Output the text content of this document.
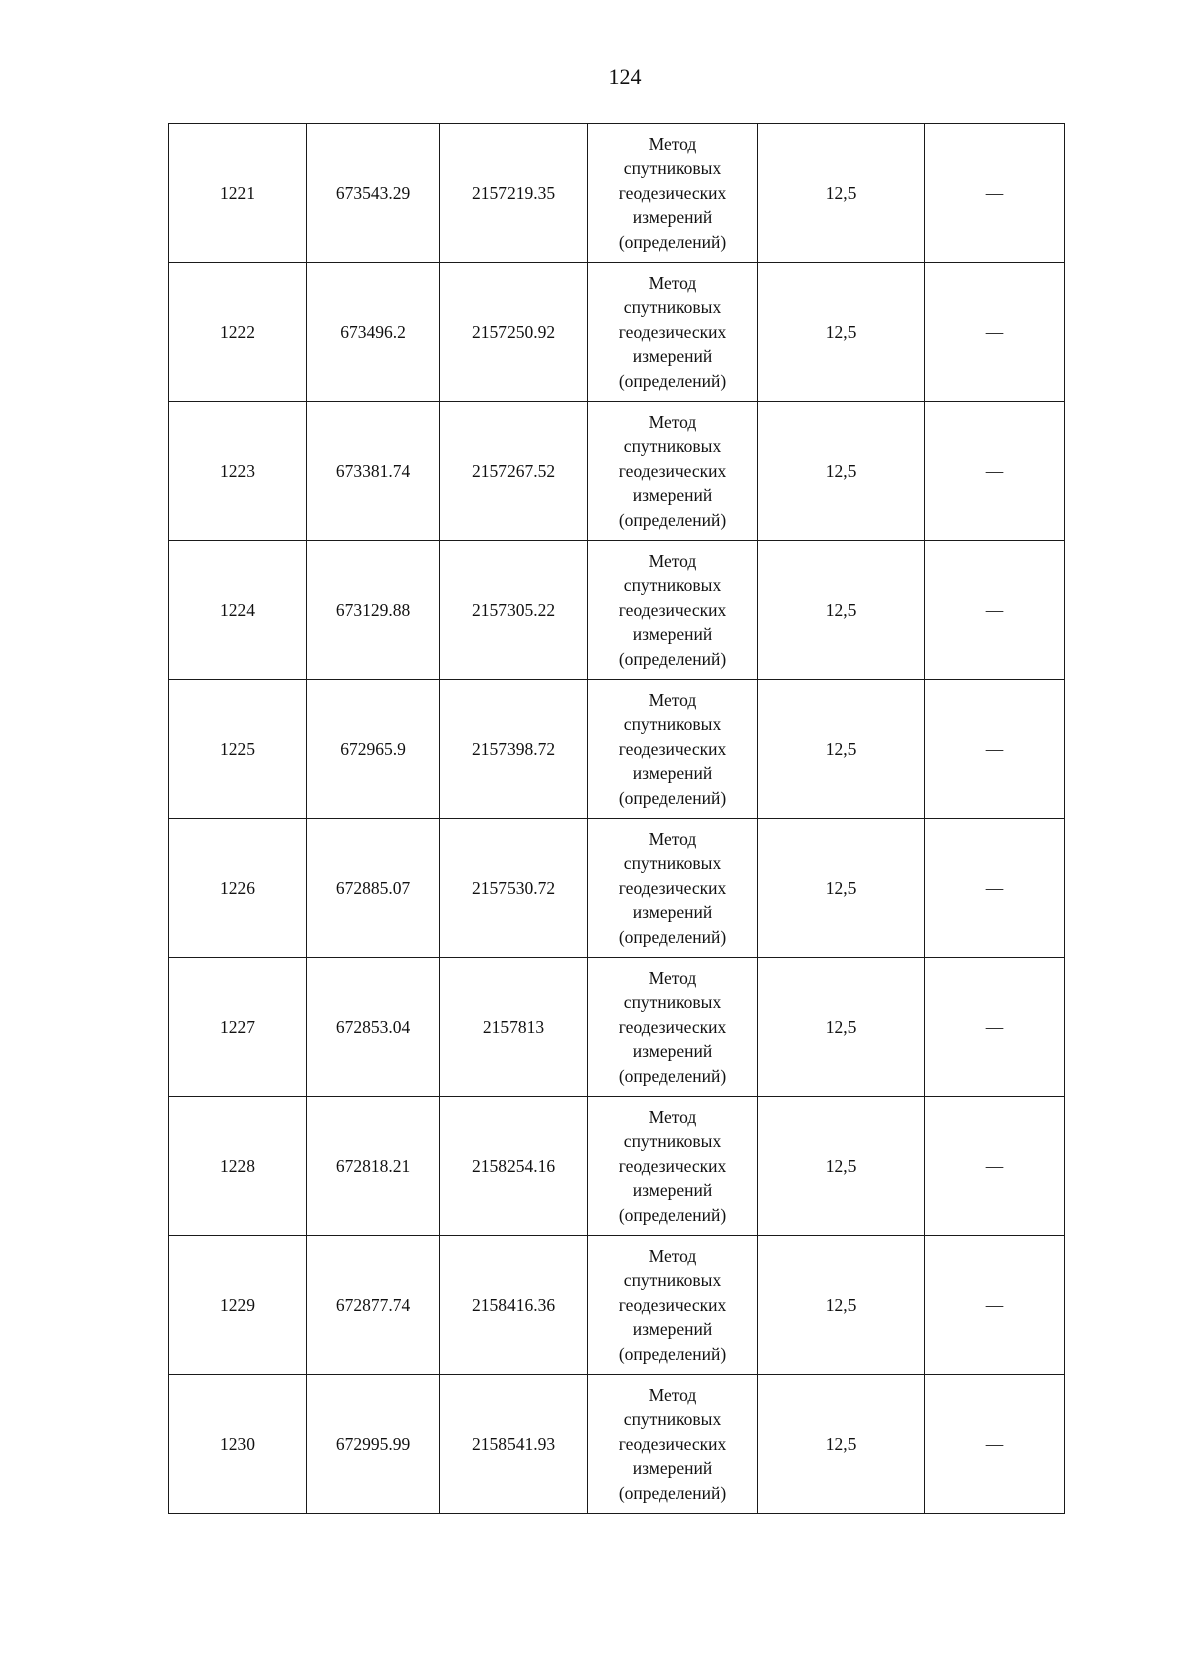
124
1221	673543.29	2157219.35	Метод
спутниковых
геодезических
измерений
(определений)	12,5	—
1222	673496.2	2157250.92	Метод
спутниковых
геодезических
измерений
(определений)	12,5	—
1223	673381.74	2157267.52	Метод
спутниковых
геодезических
измерений
(определений)	12,5	—
1224	673129.88	2157305.22	Метод
спутниковых
геодезических
измерений
(определений)	12,5	—
1225	672965.9	2157398.72	Метод
спутниковых
геодезических
измерений
(определений)	12,5	—
1226	672885.07	2157530.72	Метод
спутниковых
геодезических
измерений
(определений)	12,5	—
1227	672853.04	2157813	Метод
спутниковых
геодезических
измерений
(определений)	12,5	—
1228	672818.21	2158254.16	Метод
спутниковых
геодезических
измерений
(определений)	12,5	—
1229	672877.74	2158416.36	Метод
спутниковых
геодезических
измерений
(определений)	12,5	—
1230	672995.99	2158541.93	Метод
спутниковых
геодезических
измерений
(определений)	12,5	—
